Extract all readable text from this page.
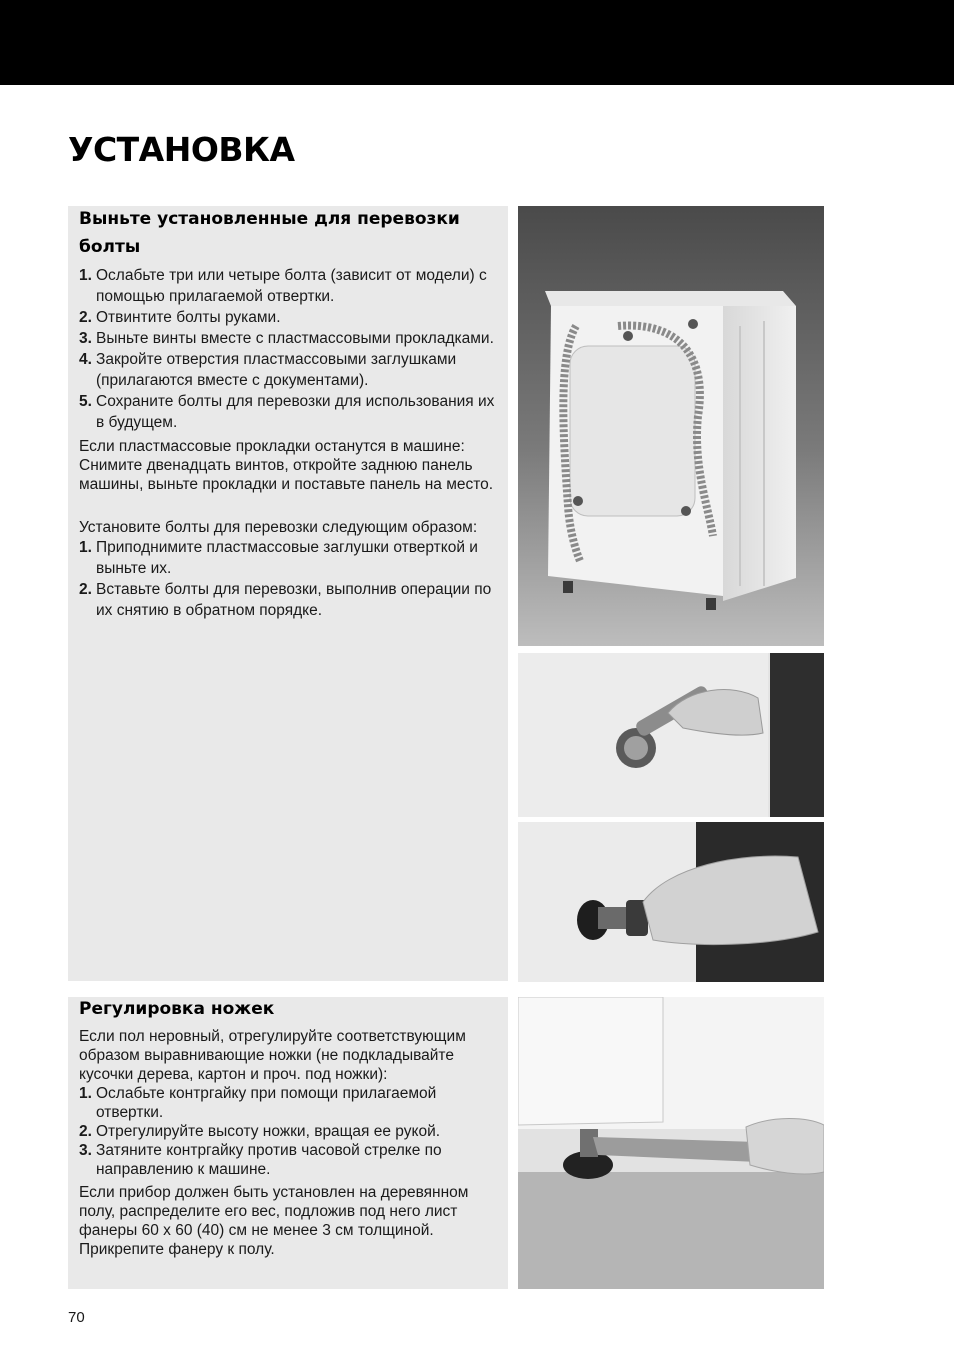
УСТАНОВКА
Выньте установленные для перевозки болты
1. Ослабьте три или четыре болта (зависит от модели) с помощью прилагаемой отвертки.
2. Отвинтите болты руками.
3. Выньте винты вместе с пластмассовыми прокладками.
4. Закройте отверстия пластмассовыми заглушками (прилагаются вместе с документами).
5. Сохраните болты для перевозки для использования их в будущем.

Если пластмассовые прокладки останутся в машине: Снимите двенадцать винтов, откройте заднюю панель машины, выньте прокладки и поставьте панель на место.

Установите болты для перевозки следующим образом:

1. Приподнимите пластмассовые заглушки отверткой и выньте их.
2. Вставьте болты для перевозки, выполнив операции по их снятию в обратном порядке.
Регулировка ножек

Если пол неровный, отрегулируйте соответствующим образом выравнивающие ножки (не подкладывайте кусочки дерева, картон и проч. под ножки):

1. Ослабьте контргайку при помощи прилагаемой отвертки.
2. Отрегулируйте высоту ножки, вращая ее рукой.
3. Затяните контргайку против часовой стрелке по направлению к машине.

Если прибор должен быть установлен на деревянном полу, распределите его вес, подложив под него лист фанеры 60 x 60 (40) см не менее 3 см толщиной. Прикрепите фанеру к полу.

70
